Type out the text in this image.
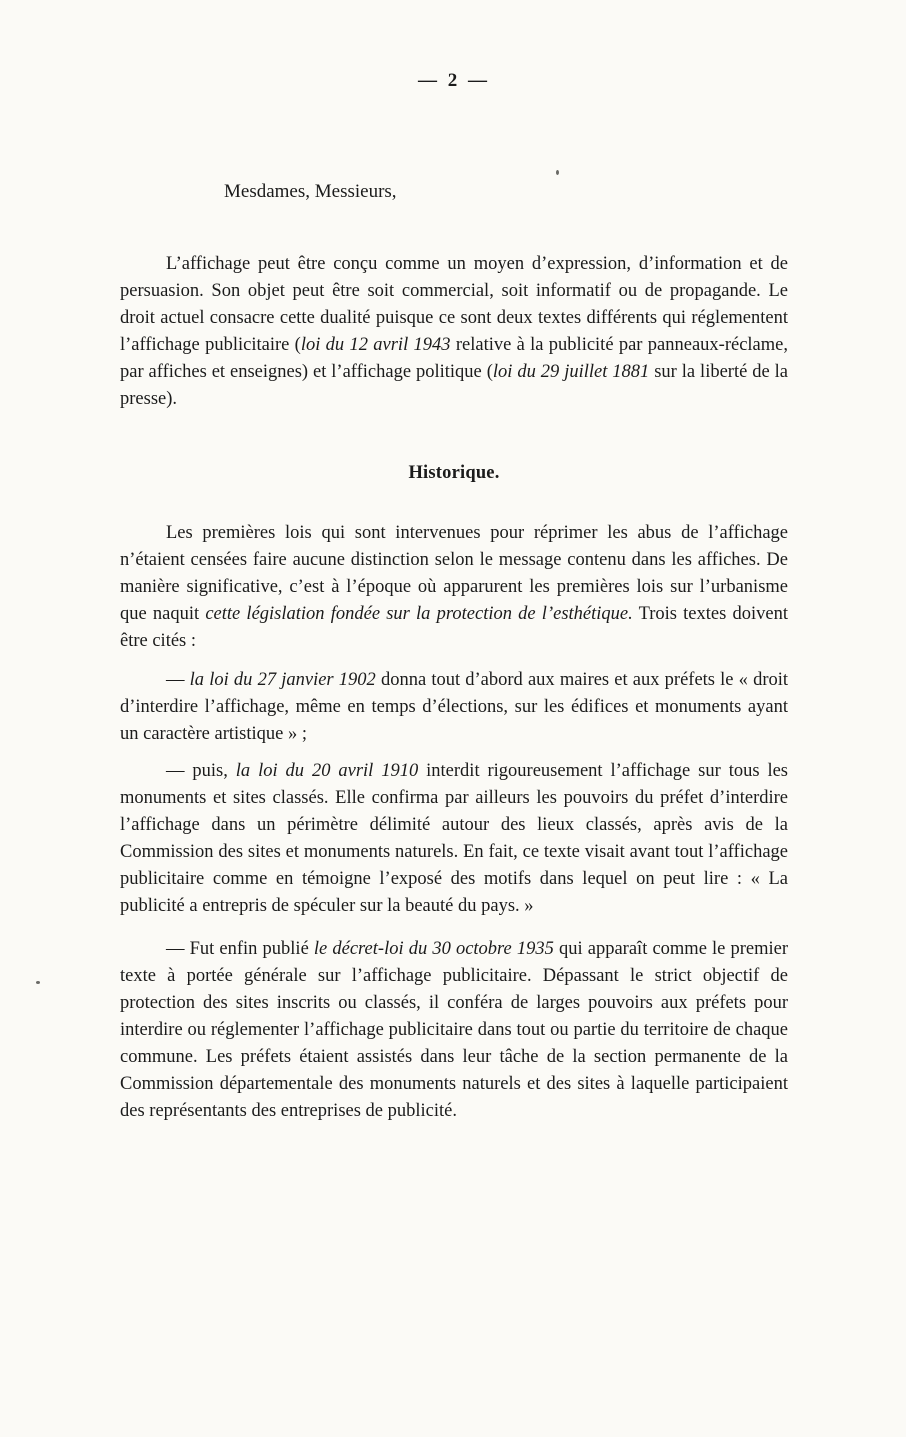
— 2 —
Mesdames, Messieurs,

L’affichage peut être conçu comme un moyen d’expression, d’information et de persuasion. Son objet peut être soit commercial, soit informatif ou de propagande. Le droit actuel consacre cette dualité puisque ce sont deux textes différents qui réglementent l’affichage publicitaire (loi du 12 avril 1943 relative à la publicité par panneaux-réclame, par affiches et enseignes) et l’affichage politique (loi du 29 juillet 1881 sur la liberté de la presse).

Historique.

Les premières lois qui sont intervenues pour réprimer les abus de l’affichage n’étaient censées faire aucune distinction selon le message contenu dans les affiches. De manière significative, c’est à l’époque où apparurent les premières lois sur l’urbanisme que naquit cette législation fondée sur la protection de l’esthétique. Trois textes doivent être cités :

— la loi du 27 janvier 1902 donna tout d’abord aux maires et aux préfets le « droit d’interdire l’affichage, même en temps d’élections, sur les édifices et monuments ayant un caractère artistique » ;

— puis, la loi du 20 avril 1910 interdit rigoureusement l’affichage sur tous les monuments et sites classés. Elle confirma par ailleurs les pouvoirs du préfet d’interdire l’affichage dans un périmètre délimité autour des lieux classés, après avis de la Commission des sites et monuments naturels. En fait, ce texte visait avant tout l’affichage publicitaire comme en témoigne l’exposé des motifs dans lequel on peut lire : « La publicité a entrepris de spéculer sur la beauté du pays. »

— Fut enfin publié le décret-loi du 30 octobre 1935 qui apparaît comme le premier texte à portée générale sur l’affichage publicitaire. Dépassant le strict objectif de protection des sites inscrits ou classés, il conféra de larges pouvoirs aux préfets pour interdire ou réglementer l’affichage publicitaire dans tout ou partie du territoire de chaque commune. Les préfets étaient assistés dans leur tâche de la section permanente de la Commission départementale des monuments naturels et des sites à laquelle participaient des représentants des entreprises de publicité.
